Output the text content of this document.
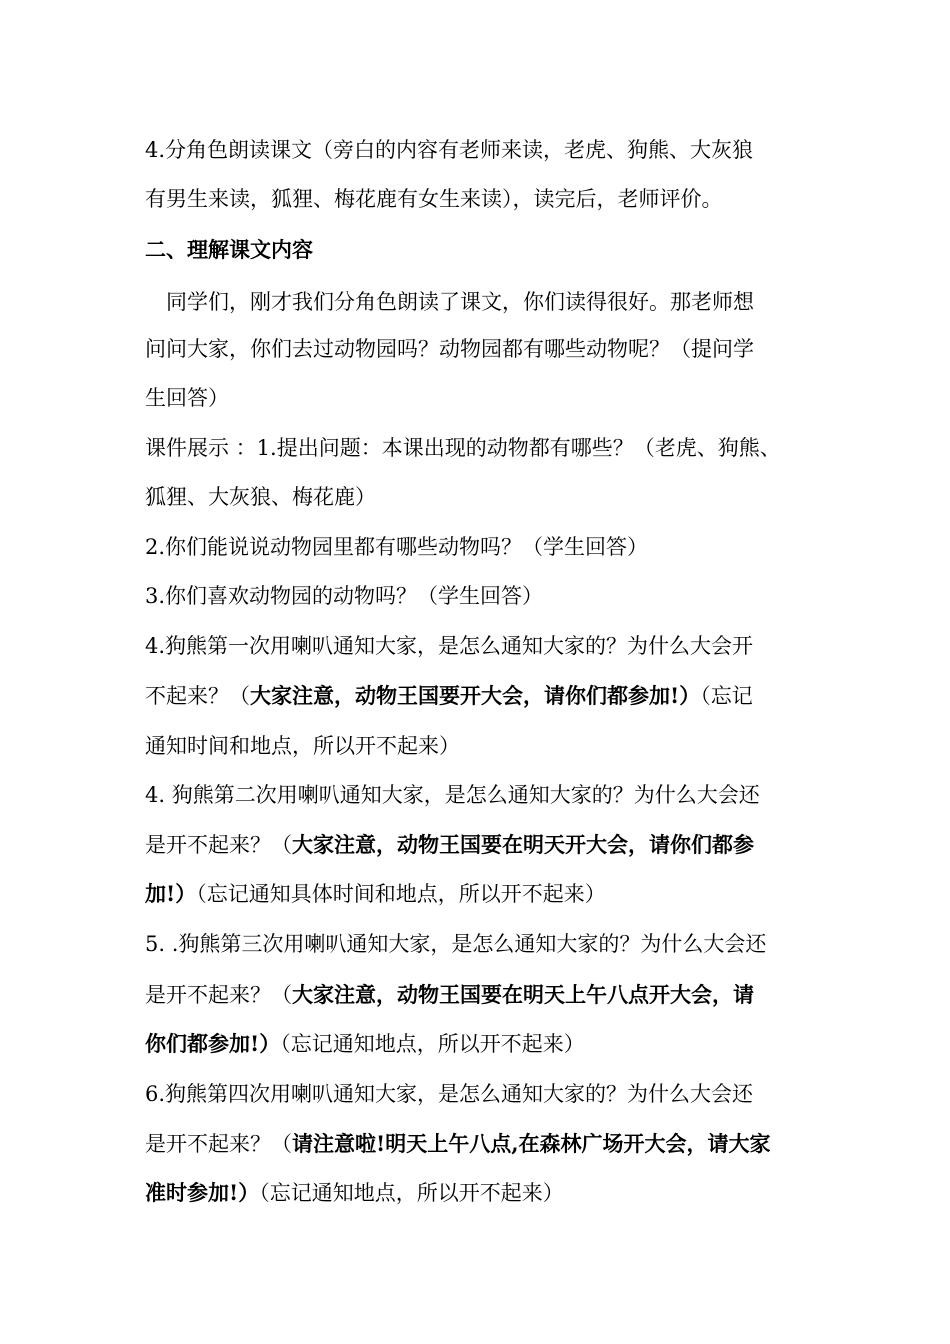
4.分角色朗读课文（旁白的内容有老师来读，老虎、狗熊、大灰狼
有男生来读，狐狸、梅花鹿有女生来读），读完后，老师评价。
二、理解课文内容
　同学们，刚才我们分角色朗读了课文，你们读得很好。那老师想
问问大家，你们去过动物园吗？动物园都有哪些动物呢？（提问学
生回答）
课件展示 ：1.提出问题：本课出现的动物都有哪些？（老虎、狗熊、
狐狸、大灰狼、梅花鹿）
2.你们能说说动物园里都有哪些动物吗？（学生回答）
3.你们喜欢动物园的动物吗？（学生回答）
4.狗熊第一次用喇叭通知大家，是怎么通知大家的？为什么大会开
不起来？（大家注意，动物王国要开大会，请你们都参加!）（忘记
通知时间和地点，所以开不起来）
4. 狗熊第二次用喇叭通知大家，是怎么通知大家的？为什么大会还
是开不起来？（大家注意，动物王国要在明天开大会，请你们都参
加!）（忘记通知具体时间和地点，所以开不起来）
5. .狗熊第三次用喇叭通知大家，是怎么通知大家的？为什么大会还
是开不起来？（大家注意，动物王国要在明天上午八点开大会，请
你们都参加!）（忘记通知地点，所以开不起来）
6.狗熊第四次用喇叭通知大家，是怎么通知大家的？为什么大会还
是开不起来？（请注意啦!明天上午八点,在森林广场开大会，请大家
准时参加!）（忘记通知地点，所以开不起来）
